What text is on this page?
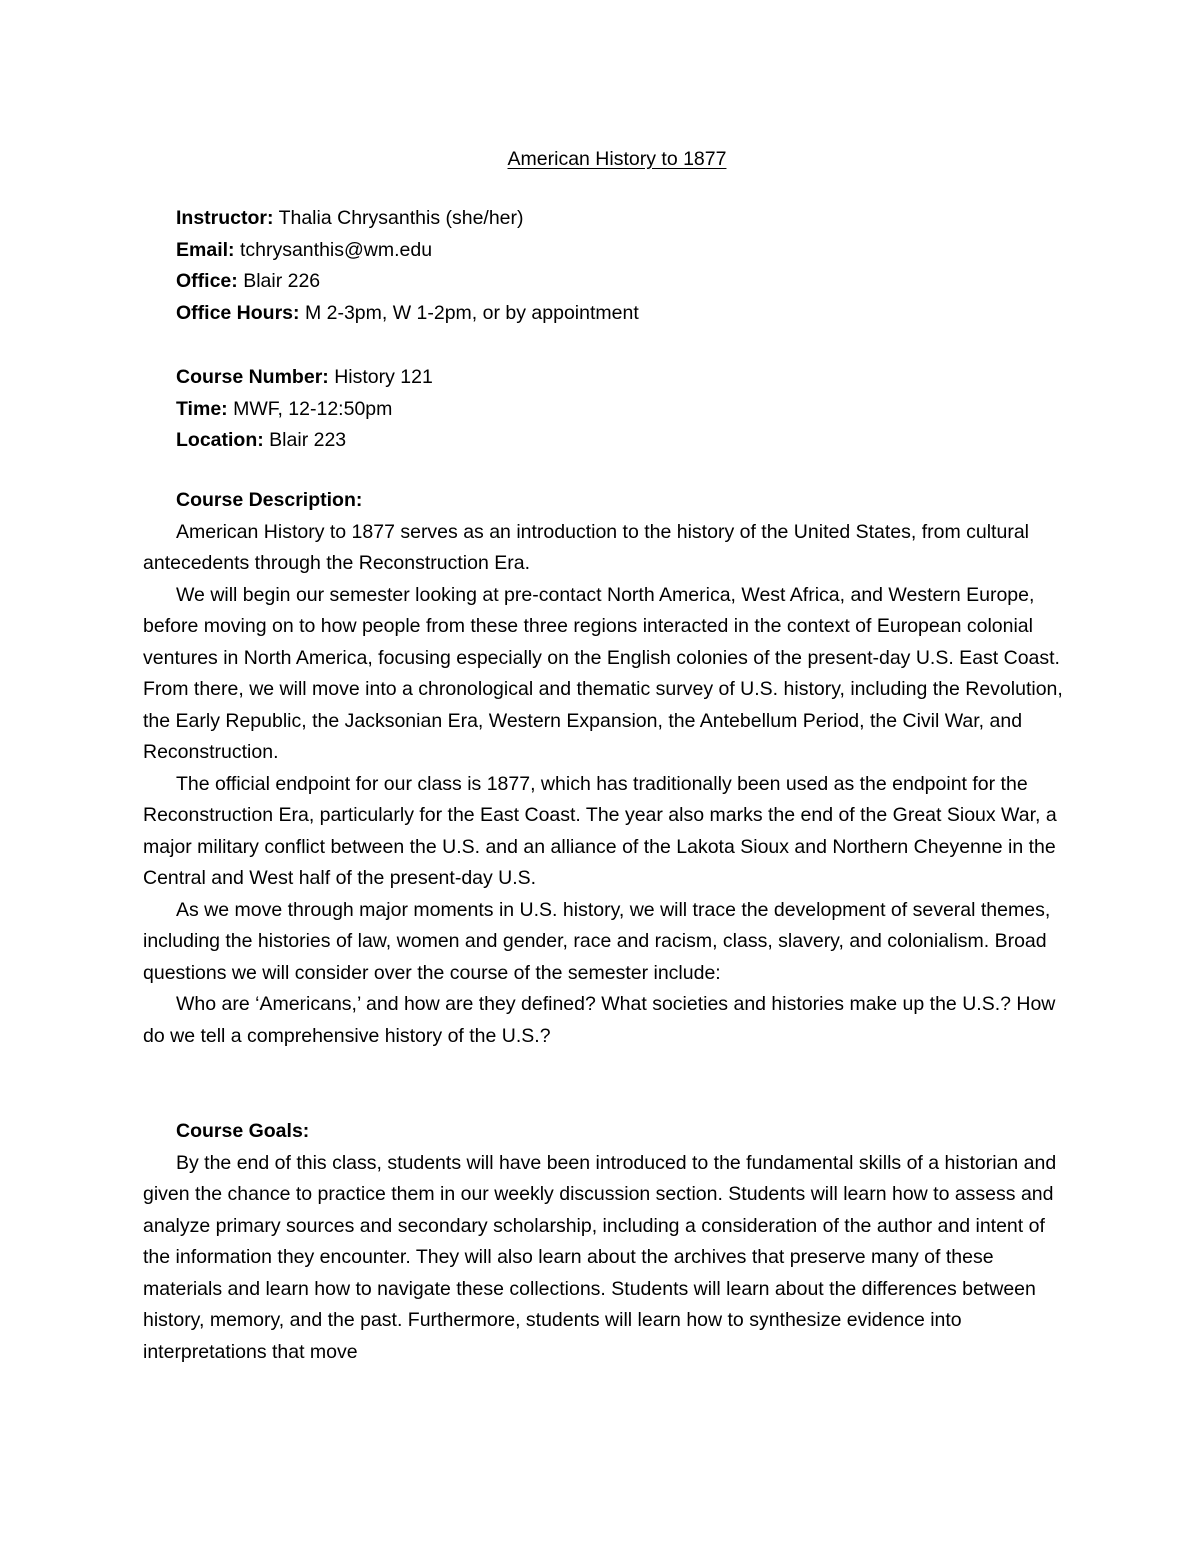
American History to 1877
Instructor: Thalia Chrysanthis (she/her)
Email: tchrysanthis@wm.edu
Office: Blair 226
Office Hours: M 2-3pm, W 1-2pm, or by appointment
Course Number: History 121
Time: MWF, 12-12:50pm
Location: Blair 223
Course Description:

American History to 1877 serves as an introduction to the history of the United States, from cultural antecedents through the Reconstruction Era.

We will begin our semester looking at pre-contact North America, West Africa, and Western Europe, before moving on to how people from these three regions interacted in the context of European colonial ventures in North America, focusing especially on the English colonies of the present-day U.S. East Coast. From there, we will move into a chronological and thematic survey of U.S. history, including the Revolution, the Early Republic, the Jacksonian Era, Western Expansion, the Antebellum Period, the Civil War, and Reconstruction.

The official endpoint for our class is 1877, which has traditionally been used as the endpoint for the Reconstruction Era, particularly for the East Coast. The year also marks the end of the Great Sioux War, a major military conflict between the U.S. and an alliance of the Lakota Sioux and Northern Cheyenne in the Central and West half of the present-day U.S.

As we move through major moments in U.S. history, we will trace the development of several themes, including the histories of law, women and gender, race and racism, class, slavery, and colonialism. Broad questions we will consider over the course of the semester include:

Who are ‘Americans,’ and how are they defined? What societies and histories make up the U.S.? How do we tell a comprehensive history of the U.S.?

Course Goals:

By the end of this class, students will have been introduced to the fundamental skills of a historian and given the chance to practice them in our weekly discussion section. Students will learn how to assess and analyze primary sources and secondary scholarship, including a consideration of the author and intent of the information they encounter. They will also learn about the archives that preserve many of these materials and learn how to navigate these collections. Students will learn about the differences between history, memory, and the past. Furthermore, students will learn how to synthesize evidence into interpretations that move
